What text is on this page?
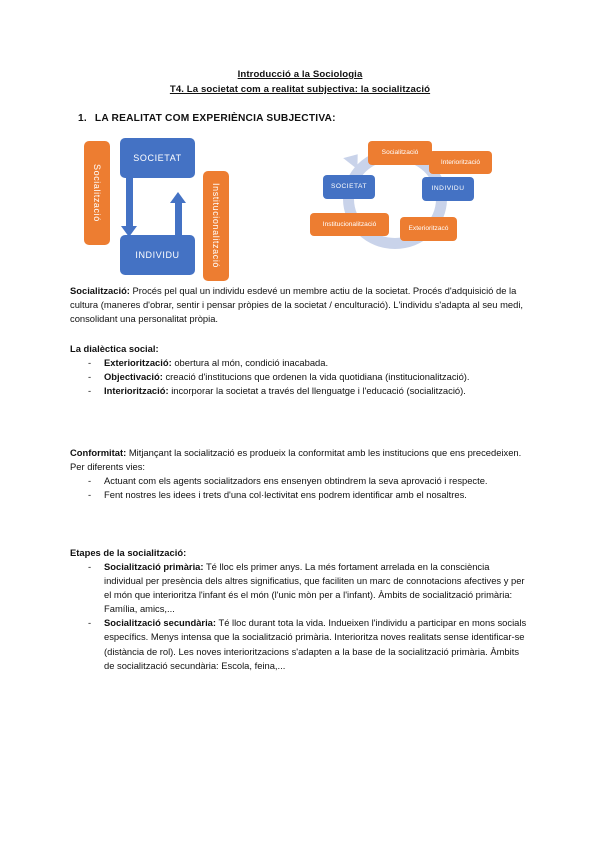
Introducció a la Sociologia
T4. La societat com a realitat subjectiva: la socialització
1. LA REALITAT COM EXPERIÈNCIA SUBJECTIVA:
Socialització
SOCIETAT
INDIVIDU	Institucionalització
Socialització
Interiorització
INDIVIDU
Exterioritzacó
Institucionalització
SOCIETAT
Socialització: Procés pel qual un individu esdevé un membre actiu de la societat. Procés d'adquisició de la cultura (maneres d'obrar, sentir i pensar pròpies de la societat / enculturació). L'individu s'adapta al seu medi, consolidant una personalitat pròpia.
La dialèctica social:
- Exteriorització: obertura al món, condició inacabada.
- Objectivació: creació d'institucions que ordenen la vida quotidiana (institucionalització).
- Interiorització: incorporar la societat a través del llenguatge i l'educació (socialització).
Conformitat: Mitjançant la socialització es produeix la conformitat amb les institucions que ens precedeixen. Per diferents vies:
- Actuant com els agents socialitzadors ens ensenyen obtindrem la seva aprovació i respecte.
- Fent nostres les idees i trets d'una col·lectivitat ens podrem identificar amb el nosaltres.
Etapes de la socialització:
- Socialització primària: Té lloc els primer anys. La més fortament arrelada en la consciència individual per presència dels altres significatius, que faciliten un marc de connotacions afectives y per el món que interioritza l'infant és el món (l'unic mòn per a l'infant). Àmbits de socialització primària: Família, amics,...
- Socialització secundària: Té lloc durant tota la vida. Indueixen l'individu a participar en mons socials específics. Menys intensa que la socialització primària. Interioritza noves realitats sense identificar-se (distància de rol). Les noves interioritzacions s'adapten a la base de la socialització primària. Àmbits de socialització secundària: Escola, feina,...
